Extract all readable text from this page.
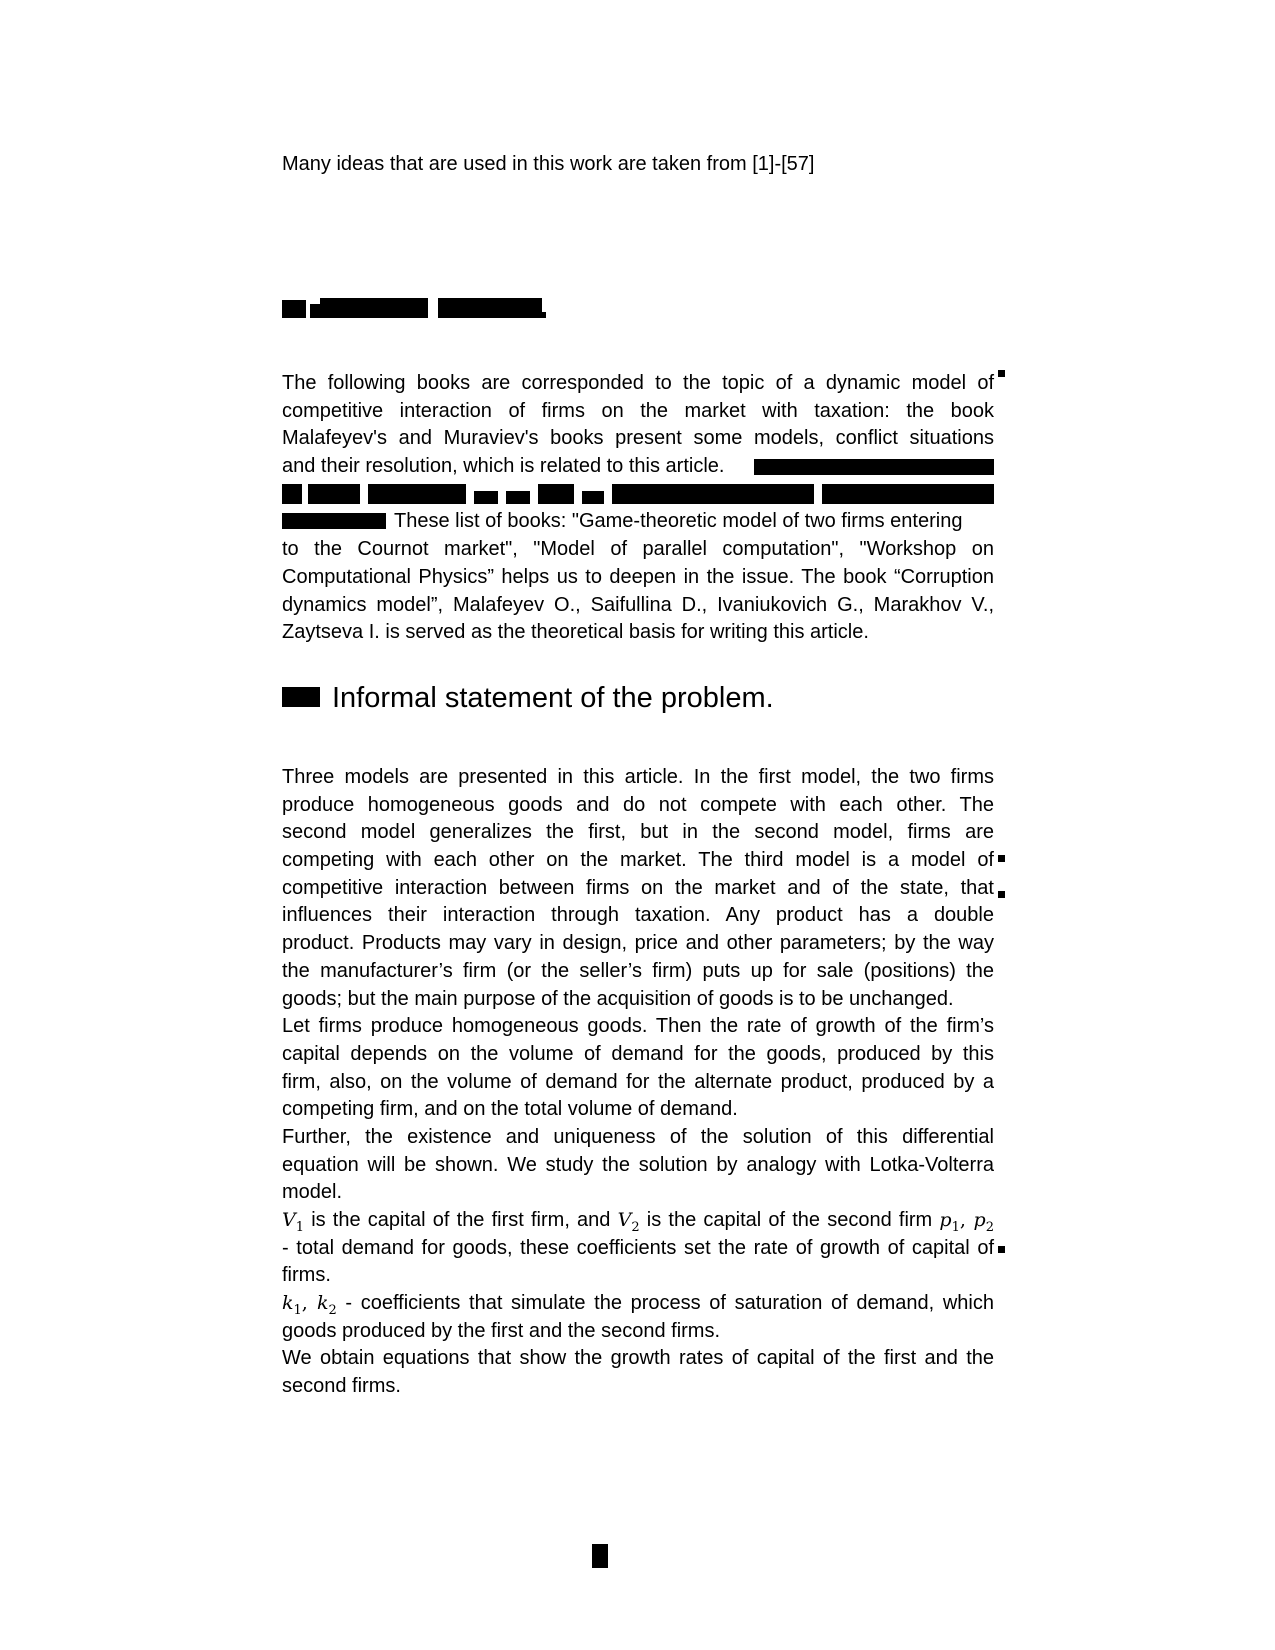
Many ideas that are used in this work are taken from [1]-[57]

The following books are corresponded to the topic of a dynamic model of
competitive interaction of firms on the market with taxation: the book
Malafeyev's and Muraviev's books present some models, conflict situations
and their resolution, which is related to this article.
These list of books: "Game-theoretic model of two firms entering
to the Cournot market", "Model of parallel computation", "Workshop on
Computational Physics” helps us to deepen in the issue. The book “Corruption
dynamics model”, Malafeyev O., Saifullina D., Ivaniukovich G., Marakhov V.,
Zaytseva I. is served as the theoretical basis for writing this article.
Informal statement of the problem.
Three models are presented in this article. In the first model, the two firms
produce homogeneous goods and do not compete with each other. The
second model generalizes the first, but in the second model, firms are
competing with each other on the market. The third model is a model of
competitive interaction between firms on the market and of the state, that
influences their interaction through taxation. Any product has a double
product. Products may vary in design, price and other parameters; by the way
the manufacturer’s firm (or the seller’s firm) puts up for sale (positions) the
goods; but the main purpose of the acquisition of goods is to be unchanged.
Let firms produce homogeneous goods. Then the rate of growth of the firm’s
capital depends on the volume of demand for the goods, produced by this
firm, also, on the volume of demand for the alternate product, produced by a
competing firm, and on the total volume of demand.
Further, the existence and uniqueness of the solution of this differential
equation will be shown. We study the solution by analogy with Lotka-Volterra
model.
$V_1$ is the capital of the first firm, and $V_2$ is the capital of the second firm $p_1$, $p_2$
- total demand for goods, these coefficients set the rate of growth of capital of
firms.
$k_1$, $k_2$ - coefficients that simulate the process of saturation of demand, which
goods produced by the first and the second firms.
We obtain equations that show the growth rates of capital of the first and the
second firms.
